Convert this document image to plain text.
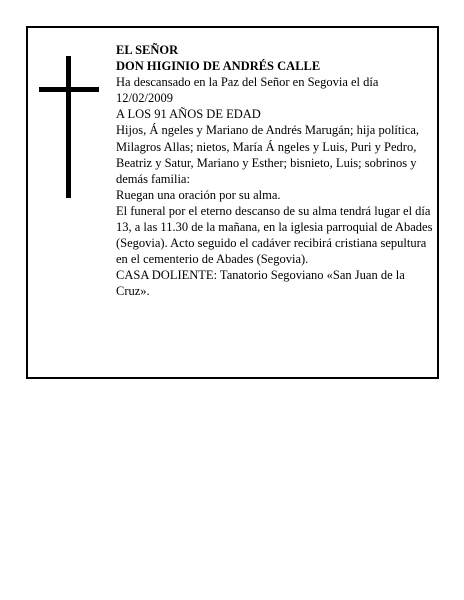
EL SEÑOR

DON HIGINIO DE ANDRÉS CALLE

Ha descansado en la Paz del Señor en Segovia el día 12/02/2009

A LOS 91 AÑOS DE EDAD

Hijos, Á ngeles y Mariano de Andrés Marugán; hija política, Milagros Allas; nietos, María Á ngeles y Luis, Puri y Pedro, Beatriz y Satur, Mariano y Esther; bisnieto, Luis; sobrinos y demás familia:

Ruegan una oración por su alma.

El funeral por el eterno descanso de su alma tendrá lugar el día 13, a las 11.30 de la mañana, en la iglesia parroquial de Abades (Segovia). Acto seguido el cadáver recibirá cristiana sepultura en el cementerio de Abades (Segovia).

CASA DOLIENTE: Tanatorio Segoviano «San Juan de la Cruz».
